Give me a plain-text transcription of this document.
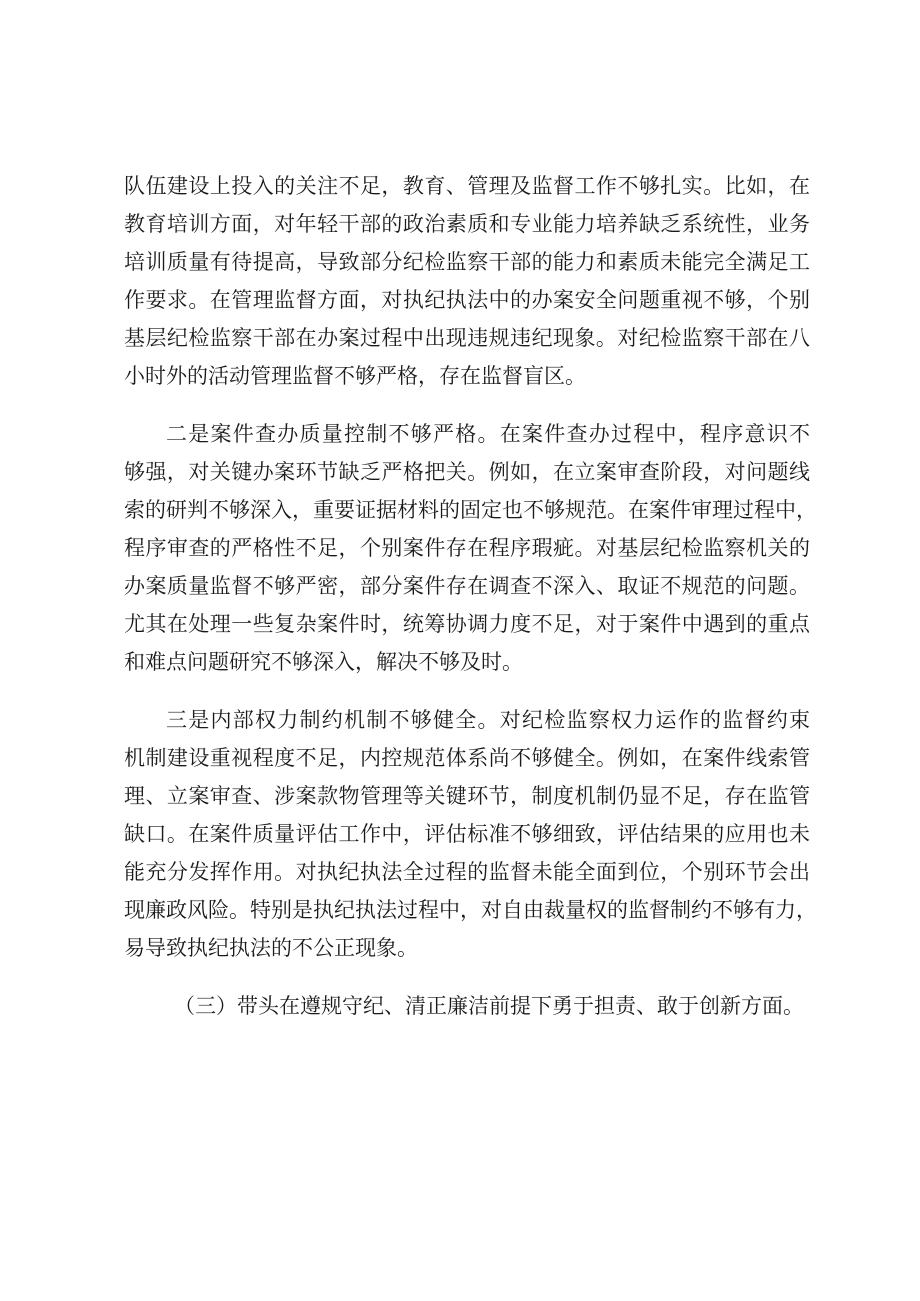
队伍建设上投入的关注不足，教育、管理及监督工作不够扎实。比如，在
教育培训方面，对年轻干部的政治素质和专业能力培养缺乏系统性，业务
培训质量有待提高，导致部分纪检监察干部的能力和素质未能完全满足工
作要求。在管理监督方面，对执纪执法中的办案安全问题重视不够，个别
基层纪检监察干部在办案过程中出现违规违纪现象。对纪检监察干部在八
小时外的活动管理监督不够严格，存在监督盲区。
二是案件查办质量控制不够严格。在案件查办过程中，程序意识不
够强，对关键办案环节缺乏严格把关。例如，在立案审查阶段，对问题线
索的研判不够深入，重要证据材料的固定也不够规范。在案件审理过程中，
程序审查的严格性不足，个别案件存在程序瑕疵。对基层纪检监察机关的
办案质量监督不够严密，部分案件存在调查不深入、取证不规范的问题。
尤其在处理一些复杂案件时，统筹协调力度不足，对于案件中遇到的重点
和难点问题研究不够深入，解决不够及时。
三是内部权力制约机制不够健全。对纪检监察权力运作的监督约束
机制建设重视程度不足，内控规范体系尚不够健全。例如，在案件线索管
理、立案审查、涉案款物管理等关键环节，制度机制仍显不足，存在监管
缺口。在案件质量评估工作中，评估标准不够细致，评估结果的应用也未
能充分发挥作用。对执纪执法全过程的监督未能全面到位，个别环节会出
现廉政风险。特别是执纪执法过程中，对自由裁量权的监督制约不够有力，
易导致执纪执法的不公正现象。
（三）带头在遵规守纪、清正廉洁前提下勇于担责、敢于创新方面。
